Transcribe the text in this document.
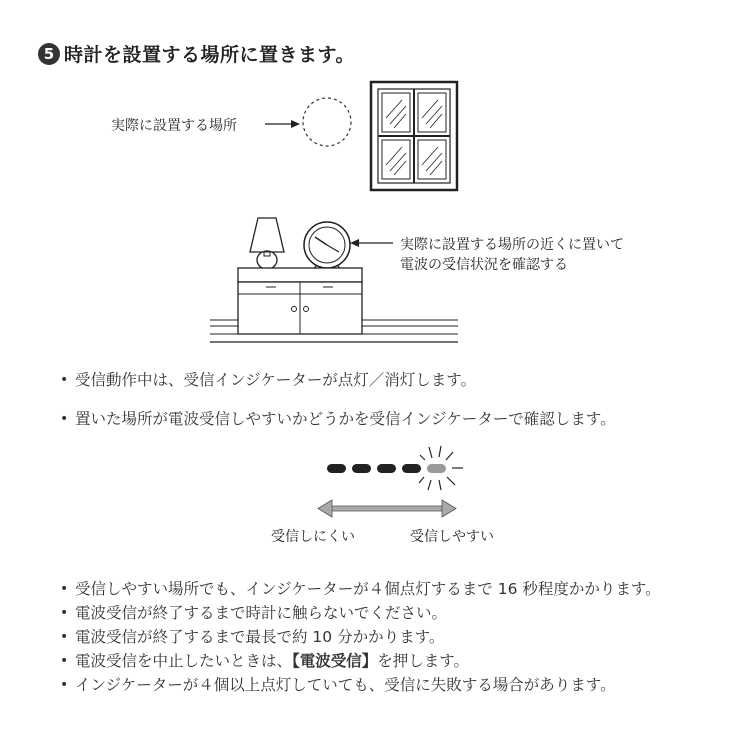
5 時計を設置する場所に置きます。
実際に設置する場所
実際に設置する場所の近くに置いて
電波の受信状況を確認する
• 受信動作中は、受信インジケーターが点灯／消灯します。
• 置いた場所が電波受信しやすいかどうかを受信インジケーターで確認します。
受信しにくい	受信しやすい
• 受信しやすい場所でも、インジケーターが４個点灯するまで 16 秒程度かかります。
• 電波受信が終了するまで時計に触らないでください。
• 電波受信が終了するまで最長で約 10 分かかります。
• 電波受信を中止したいときは、【電波受信】を押します。
• インジケーターが４個以上点灯していても、受信に失敗する場合があります。
